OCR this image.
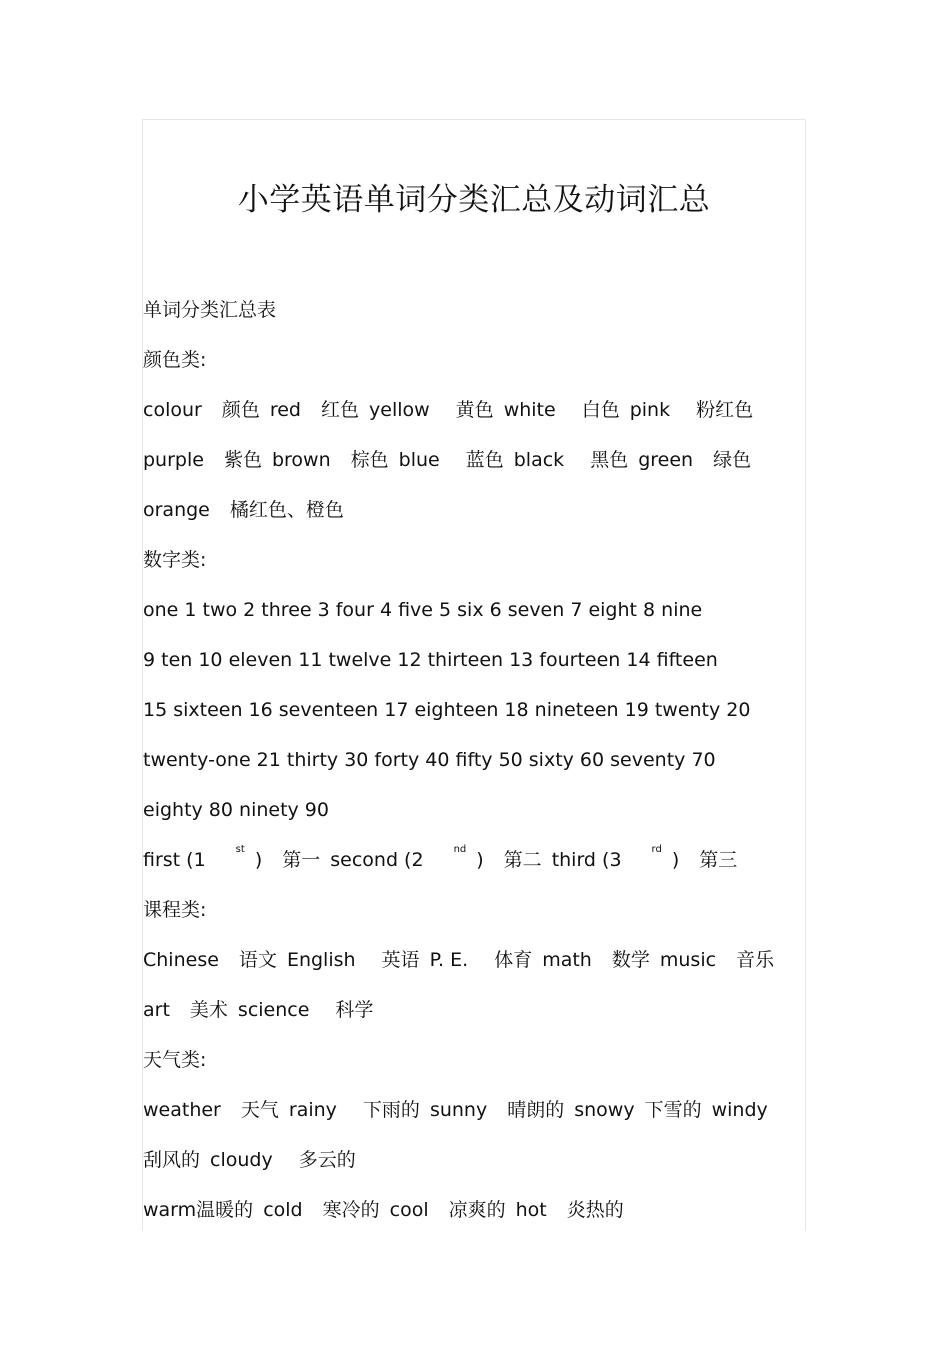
小学英语单词分类汇总及动词汇总
单词分类汇总表
颜色类:
colour 颜色 red 红色 yellow 黄色 white 白色 pink 粉红色
purple 紫色 brown 棕色 blue 蓝色 black 黑色 green 绿色
orange 橘红色、橙色
数字类:
one 1 two 2 three 3 four 4 five 5 six 6 seven 7 eight 8 nine
9 ten 10 eleven 11 twelve 12 thirteen 13 fourteen 14 fifteen
15 sixteen 16 seventeen 17 eighteen 18 nineteen 19 twenty 20
twenty-one 21 thirty 30 forty 40 fifty 50 sixty 60 seventy 70
eighty 80 ninety 90
first (1	$^{st}$ ) 第一 second (2	$^{nd}$ ) 第二 third (3	$^{rd}$ ) 第三
课程类:
Chinese 语文 English 英语 P. E. 体育 math 数学 music 音乐
art 美术 science 科学
天气类:
weather 天气 rainy 下雨的 sunny 晴朗的 snowy 下雪的 windy
刮风的 cloudy 多云的
warm温暖的 cold 寒冷的 cool 凉爽的 hot 炎热的
